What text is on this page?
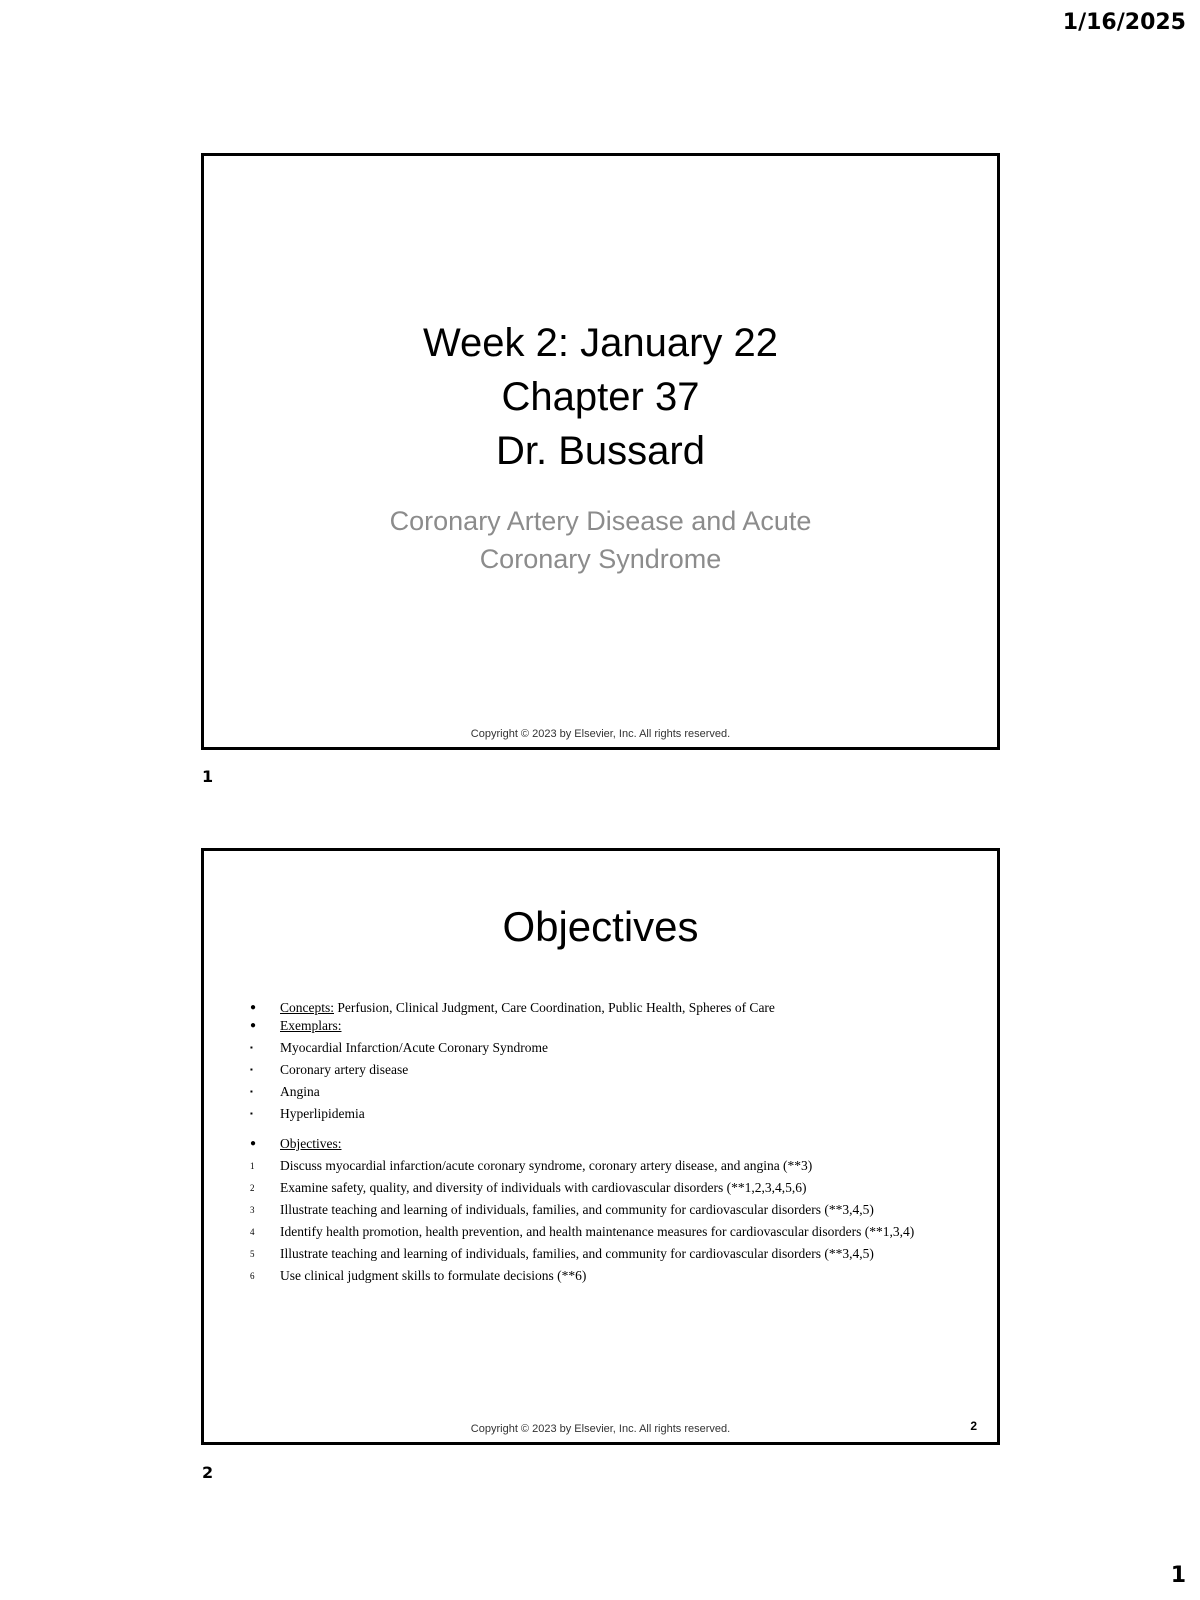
1/16/2025
Week 2: January 22
Chapter 37
Dr. Bussard
Coronary Artery Disease and Acute
Coronary Syndrome
Copyright © 2023 by Elsevier, Inc. All rights reserved.
1
Objectives
●	Concepts: Perfusion, Clinical Judgment, Care Coordination, Public Health, Spheres of Care
●	Exemplars:
▪	Myocardial Infarction/Acute Coronary Syndrome
▪	Coronary artery disease
▪	Angina
▪	Hyperlipidemia
●	Objectives:
1	Discuss myocardial infarction/acute coronary syndrome, coronary artery disease, and angina (**3)
2	Examine safety, quality, and diversity of individuals with cardiovascular disorders (**1,2,3,4,5,6)
3	Illustrate teaching and learning of individuals, families, and community for cardiovascular disorders (**3,4,5)
4	Identify health promotion, health prevention, and health maintenance measures for cardiovascular disorders (**1,3,4)
5	Illustrate teaching and learning of individuals, families, and community for cardiovascular disorders (**3,4,5)
6	Use clinical judgment skills to formulate decisions (**6)
Copyright © 2023 by Elsevier, Inc. All rights reserved.	2
2
1
